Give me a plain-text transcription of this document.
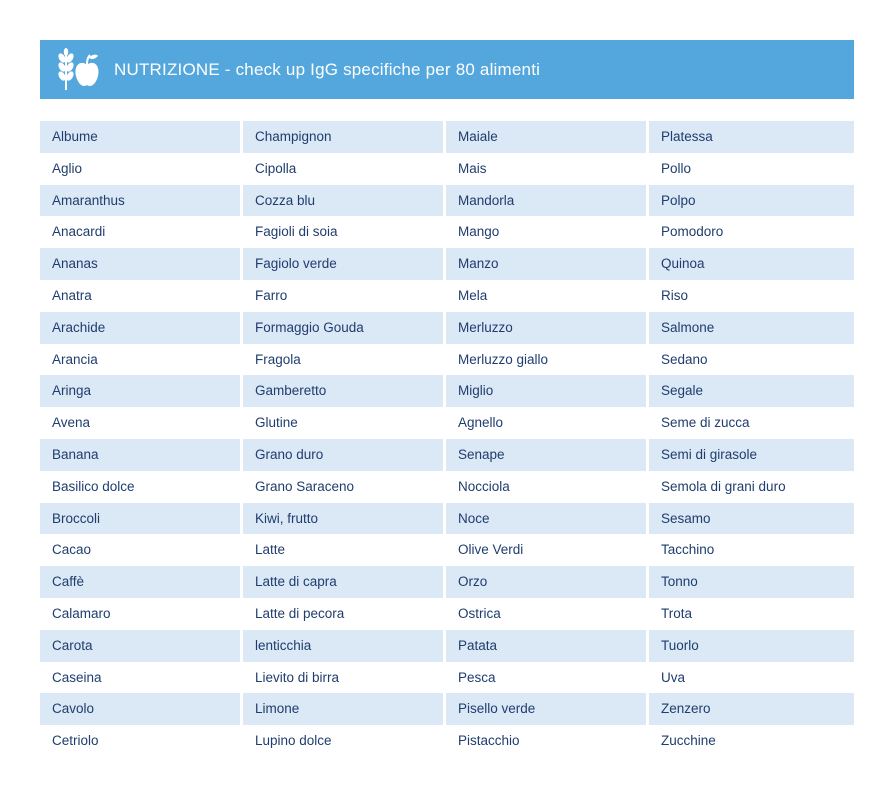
NUTRIZIONE - check up IgG specifiche per 80 alimenti
Albume	Champignon	Maiale	Platessa
Aglio	Cipolla	Mais	Pollo
Amaranthus	Cozza blu	Mandorla	Polpo
Anacardi	Fagioli di soia	Mango	Pomodoro
Ananas	Fagiolo verde	Manzo	Quinoa
Anatra	Farro	Mela	Riso
Arachide	Formaggio Gouda	Merluzzo	Salmone
Arancia	Fragola	Merluzzo giallo	Sedano
Aringa	Gamberetto	Miglio	Segale
Avena	Glutine	Agnello	Seme di zucca
Banana	Grano duro	Senape	Semi di girasole
Basilico dolce	Grano Saraceno	Nocciola	Semola di grani duro
Broccoli	Kiwi, frutto	Noce	Sesamo
Cacao	Latte	Olive Verdi	Tacchino
Caffè	Latte di capra	Orzo	Tonno
Calamaro	Latte di pecora	Ostrica	Trota
Carota	lenticchia	Patata	Tuorlo
Caseina	Lievito di birra	Pesca	Uva
Cavolo	Limone	Pisello verde	Zenzero
Cetriolo	Lupino dolce	Pistacchio	Zucchine
